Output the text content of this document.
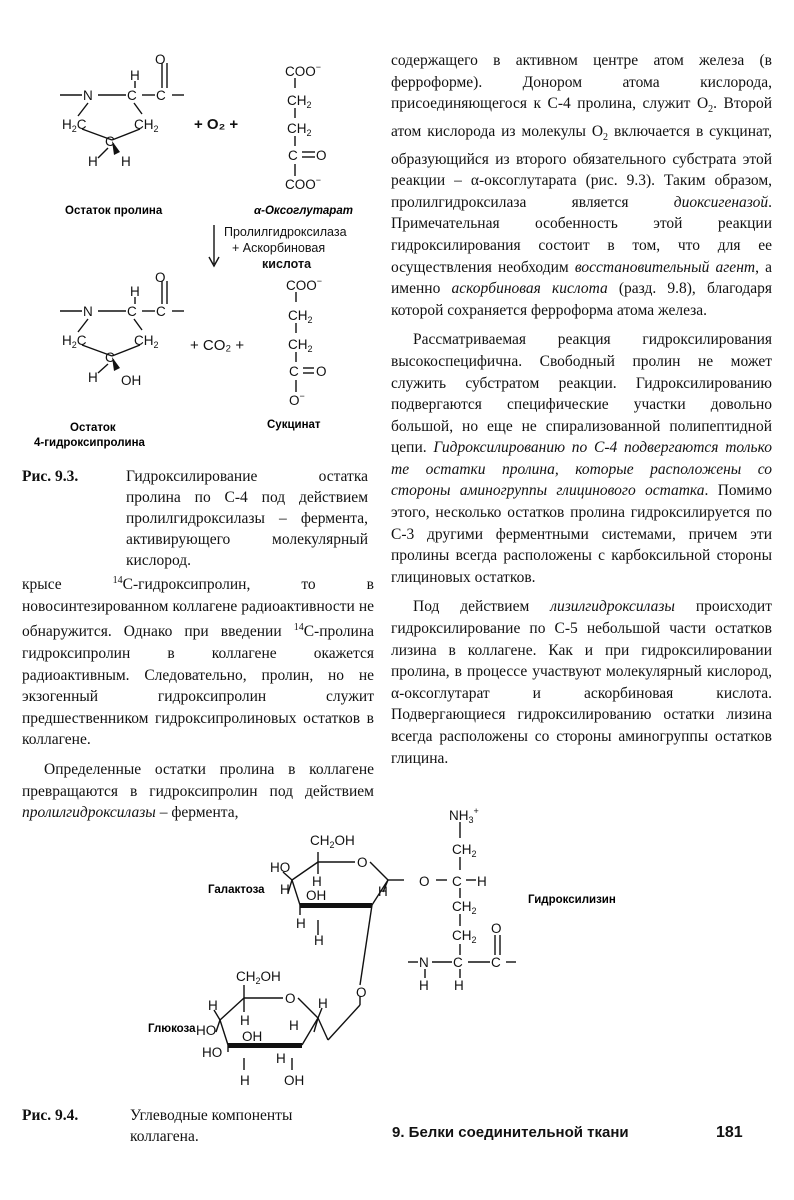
O
H
N	C C
$H_2C$	$CH_2$
C
H H
COO−
$CH_2$
$CH_2$
C O
COO−
O
H
N	C C
$H_2C$	$CH_2$
C
H OH
COO−
$CH_2$
$CH_2$
C O
O−
+ O₂ +
+ CO₂ +
Остаток пролина	α-Оксоглутарат
Пролилгидроксилаза
+ Аскорбиновая
кислота
Остаток
4-гидроксипролина
Сукцинат
Рис. 9.3.	Гидроксилирование остатка пролина по С-4 под действием пролилгидроксилазы – фермента, активирующего молекулярный кислород.

крысе $^{14}$С-гидроксипролин, то в новосинтезированном коллагене радиоактивности не обнаружится. Однако при введении $^{14}$С-пролина гидроксипролин в коллагене окажется радиоактивным. Следовательно, пролин, но не экзогенный гидроксипролин служит предшественником гидроксипролиновых остатков в коллагене.

Определенные остатки пролина в коллагене превращаются в гидроксипролин под действием пролилгидроксилазы – фермента,

содержащего в активном центре атом железа (в ферроформе). Донором атома кислорода, присоединяющегося к С-4 пролина, служит $О_2$. Второй атом кислорода из молекулы $О_2$ включается в сукцинат, образующийся из второго обязательного субстрата этой реакции – α-оксоглутарата (рис. 9.3). Таким образом, пролилгидроксилаза является диоксигеназой. Примечательная особенность этой реакции гидроксилирования состоит в том, что для ее осуществления необходим восстановительный агент, а именно аскорбиновая кислота (разд. 9.8), благодаря которой сохраняется ферроформа атома железа.

Рассматриваемая реакция гидроксилирования высокоспецифична. Свободный пролин не может служить субстратом реакции. Гидроксилированию подвергаются специфические участки довольно большой, но еще не спирализованной полипептидной цепи. Гидроксилированию по С-4 подвергаются только те остатки пролина, которые расположены со стороны аминогруппы глицинового остатка. Помимо этого, несколько остатков пролина гидроксилируется по С-3 другими ферментными системами, причем эти пролины всегда расположены с карбоксильной стороны глициновых остатков.

Под действием лизилгидроксилазы происходит гидроксилирование по С-5 небольшой части остатков лизина в коллагене. Как и при гидроксилировании пролина, в процессе участвуют молекулярный кислород, α-оксоглутарат и аскорбиновая кислота. Подвергающиеся гидроксилированию остатки лизина всегда расположены со стороны аминогруппы остатков глицина.

$CH_2OH$
O
HO
H
H OH	H
H
H
O
O
$NH_3^+$
$CH_2$
C H
$CH_2$
$CH_2$
O
N C C
H H
$CH_2OH$
O
H
H
H
H
HO OH
HO	H
H	OH
Галактоза
Глюкоза
Гидроксилизин
Рис. 9.4.	Углеводные компоненты коллагена.	9. Белки соединительной ткани	181
